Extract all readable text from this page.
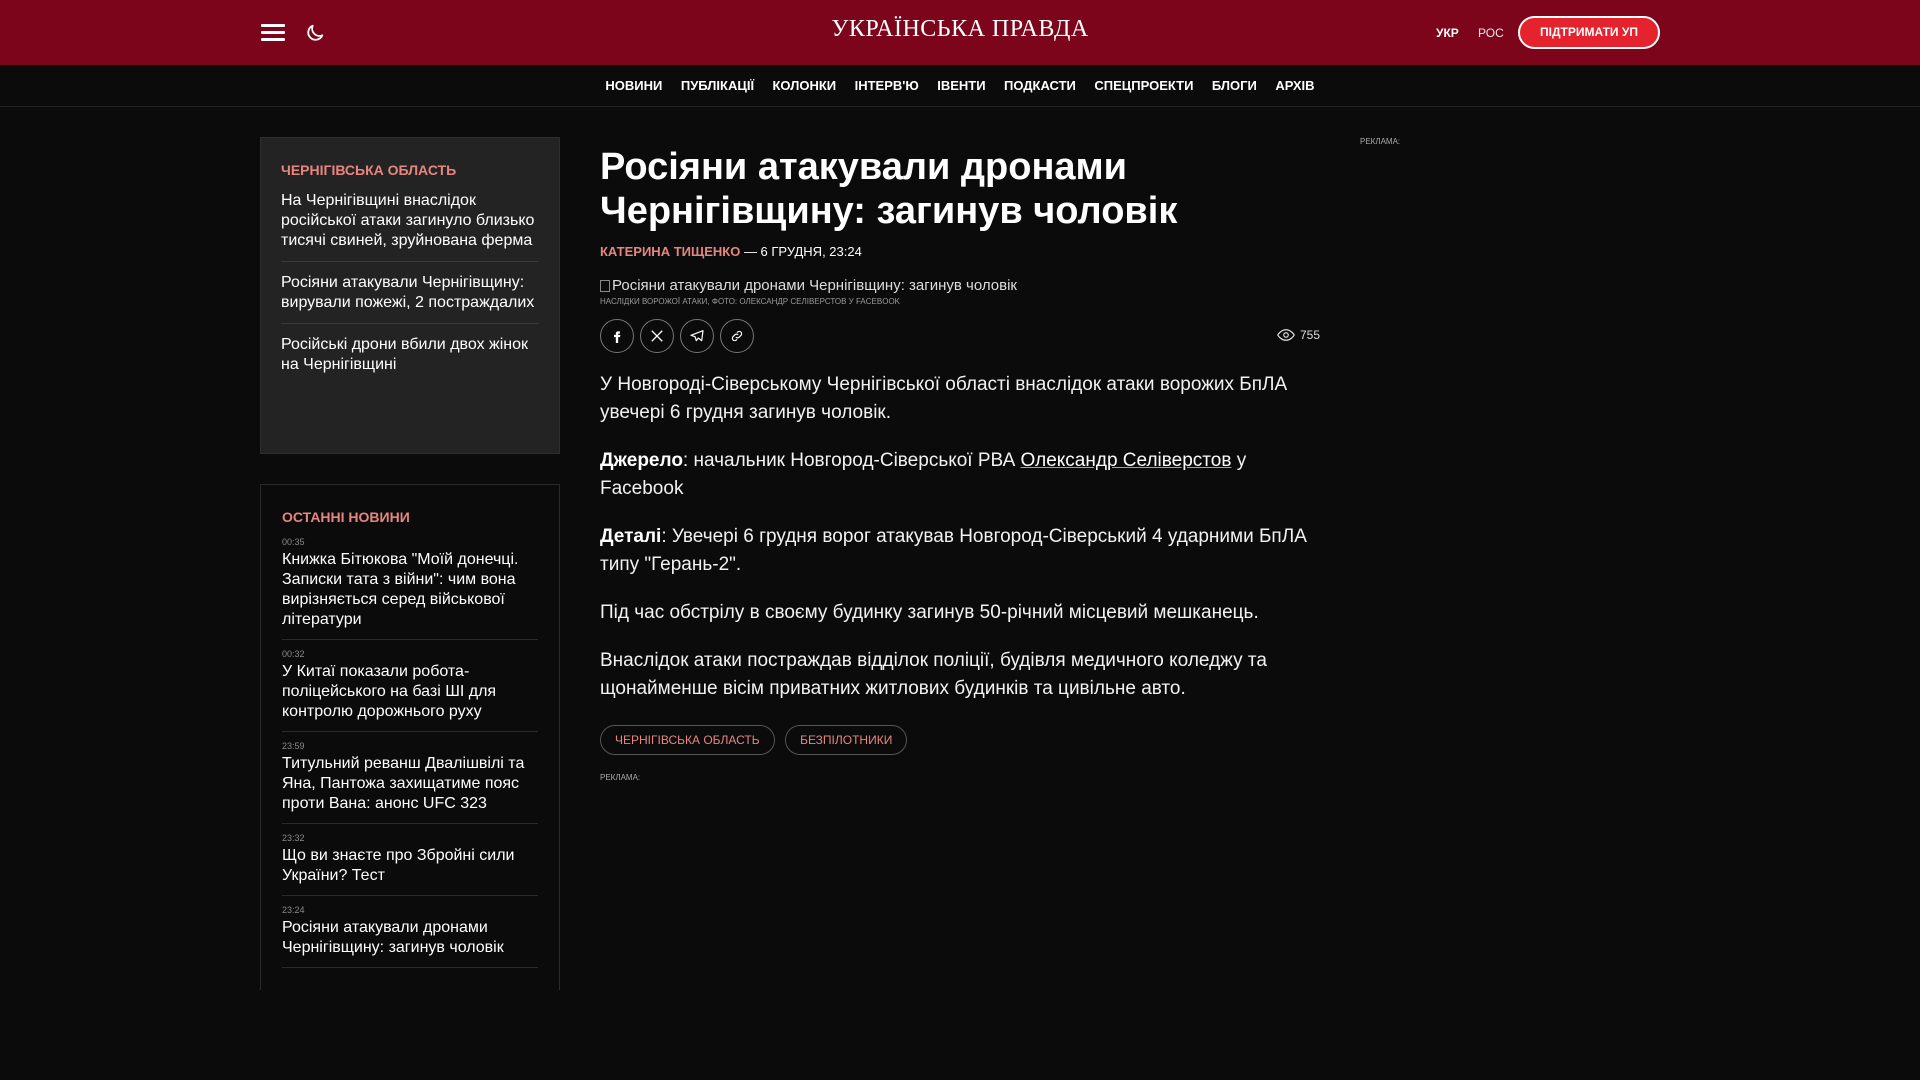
УКРАЇНСЬКА ПРАВДА	УКР РОС	ПІДТРИМАТИ УП
НОВИНИ ПУБЛІКАЦІЇ КОЛОНКИ ІНТЕРВ'Ю ІВЕНТИ ПОДКАСТИ СПЕЦПРОЕКТИ БЛОГИ АРХІВ
ЧЕРНІГІВСЬКА ОБЛАСТЬ
На Чернігівщині внаслідок російської атаки загинуло близько тисячі свиней, зруйнована ферма
Росіяни атакували Чернігівщину: вирували пожежі, 2 постраждалих
Російські дрони вбили двох жінок на Чернігівщині
ОСТАННІ НОВИНИ
00:35
Книжка Бітюкова "Моїй донечці. Записки тата з війни": чим вона вирізняється серед військової літератури
00:32
У Китаї показали робота-поліцейського на базі ШІ для контролю дорожнього руху
23:59
Титульний реванш Двалішвілі та Яна, Пантожа захищатиме пояс проти Вана: анонс UFC 323
23:32
Що ви знаєте про Збройні сили України? Тест
23:24
Росіяни атакували дронами Чернігівщину: загинув чоловік
Росіяни атакували дронами Чернігівщину: загинув чоловік
КАТЕРИНА ТИЩЕНКО — 6 ГРУДНЯ, 23:24
Росіяни атакували дронами Чернігівщину: загинув чоловік
НАСЛІДКИ ВОРОЖОЇ АТАКИ, ФОТО: ОЛЕКСАНДР СЕЛІВЕРСТОВ У FACEBOOK
755

У Новгороді-Сіверському Чернігівської області внаслідок атаки ворожих БпЛА увечері 6 грудня загинув чоловік.

Джерело: начальник Новгород-Сіверської РВА Олександр Селіверстов у Facebook

Деталі: Увечері 6 грудня ворог атакував Новгород-Сіверський 4 ударними БпЛА типу "Герань-2".

Під час обстрілу в своєму будинку загинув 50-річний місцевий мешканець.

Внаслідок атаки постраждав відділок поліції, будівля медичного коледжу та щонайменше вісім приватних житлових будинків та цивільне авто.

ЧЕРНІГІВСЬКА ОБЛАСТЬ	БЕЗПІЛОТНИКИ
РЕКЛАМА:
РЕКЛАМА:
